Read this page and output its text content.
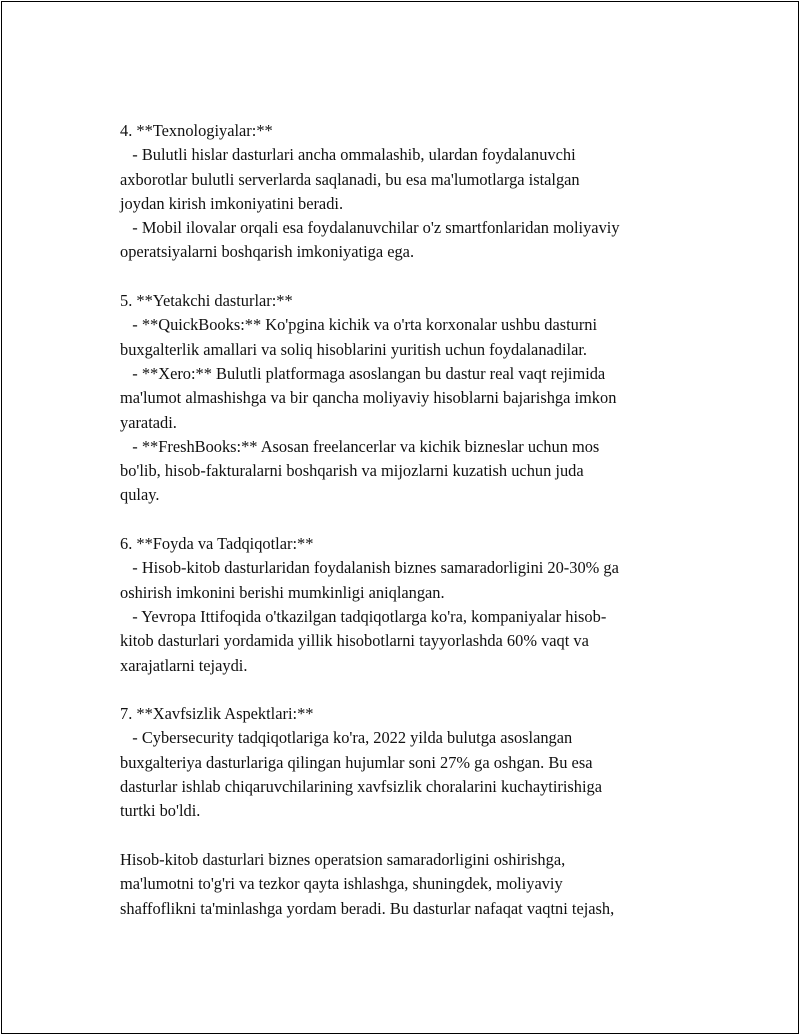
4. **Texnologiyalar:**
- Bulutli hislar dasturlari ancha ommalashib, ulardan foydalanuvchi
axborotlar bulutli serverlarda saqlanadi, bu esa ma'lumotlarga istalgan
joydan kirish imkoniyatini beradi.
- Mobil ilovalar orqali esa foydalanuvchilar o'z smartfonlaridan moliyaviy
operatsiyalarni boshqarish imkoniyatiga ega.
5. **Yetakchi dasturlar:**
- **QuickBooks:** Ko'pgina kichik va o'rta korxonalar ushbu dasturni
buxgalterlik amallari va soliq hisoblarini yuritish uchun foydalanadilar.
- **Xero:** Bulutli platformaga asoslangan bu dastur real vaqt rejimida
ma'lumot almashishga va bir qancha moliyaviy hisoblarni bajarishga imkon
yaratadi.
- **FreshBooks:** Asosan freelancerlar va kichik bizneslar uchun mos
bo'lib, hisob-fakturalarni boshqarish va mijozlarni kuzatish uchun juda
qulay.
6. **Foyda va Tadqiqotlar:**
- Hisob-kitob dasturlaridan foydalanish biznes samaradorligini 20-30% ga
oshirish imkonini berishi mumkinligi aniqlangan.
- Yevropa Ittifoqida o'tkazilgan tadqiqotlarga ko'ra, kompaniyalar hisob-
kitob dasturlari yordamida yillik hisobotlarni tayyorlashda 60% vaqt va
xarajatlarni tejaydi.
7. **Xavfsizlik Aspektlari:**
- Cybersecurity tadqiqotlariga ko'ra, 2022 yilda bulutga asoslangan
buxgalteriya dasturlariga qilingan hujumlar soni 27% ga oshgan. Bu esa
dasturlar ishlab chiqaruvchilarining xavfsizlik choralarini kuchaytirishiga
turtki bo'ldi.
Hisob-kitob dasturlari biznes operatsion samaradorligini oshirishga,
ma'lumotni to'g'ri va tezkor qayta ishlashga, shuningdek, moliyaviy
shaffoflikni ta'minlashga yordam beradi. Bu dasturlar nafaqat vaqtni tejash,
